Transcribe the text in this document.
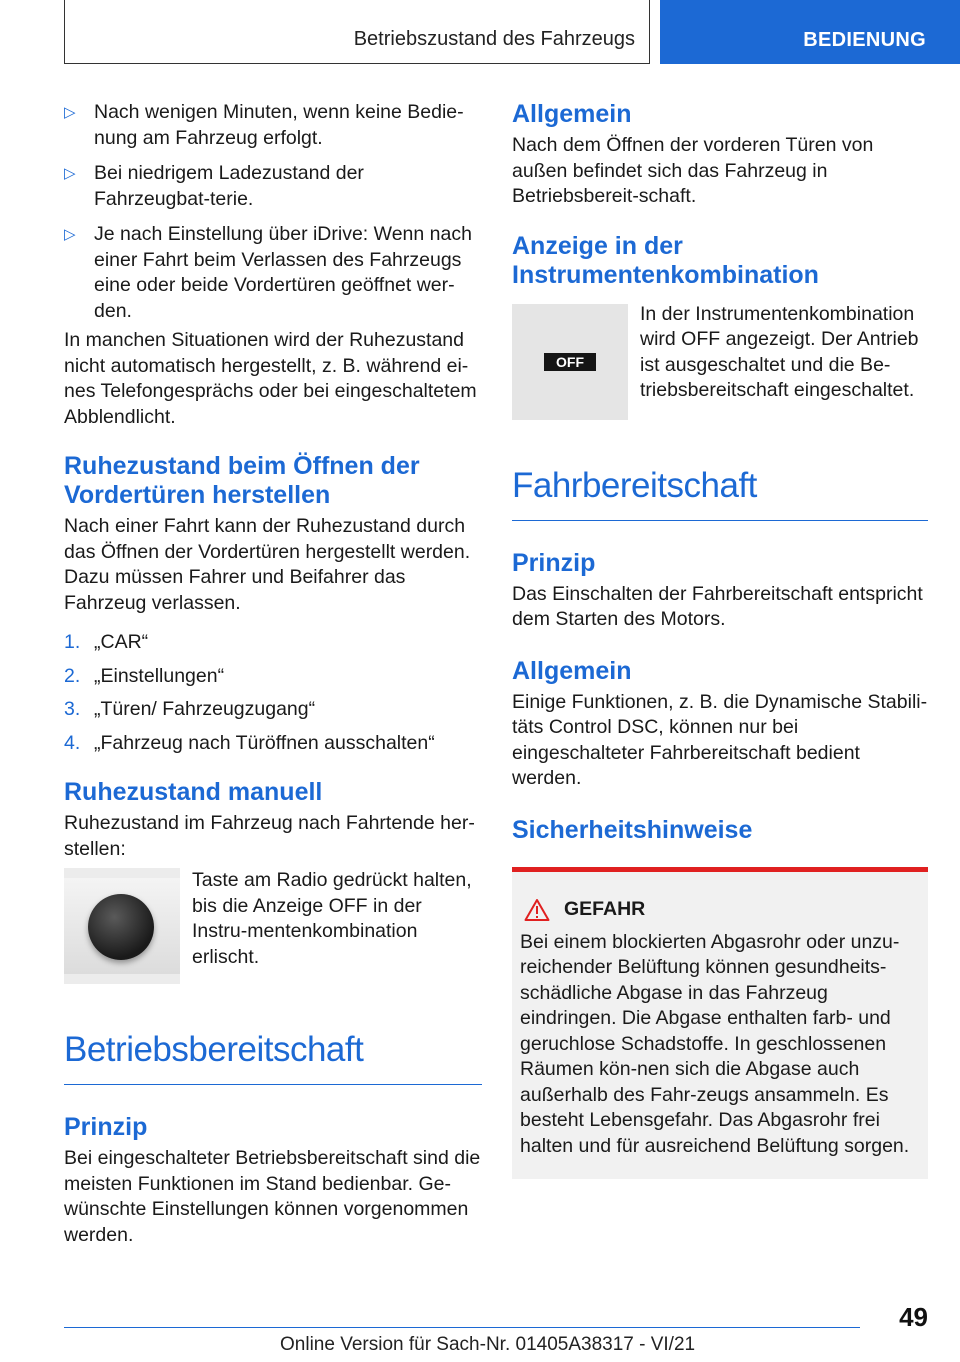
Betriebszustand des Fahrzeugs	BEDIENUNG
▷ Nach wenigen Minuten, wenn keine Bedie-nung am Fahrzeug erfolgt.
▷ Bei niedrigem Ladezustand der Fahrzeugbat-terie.
▷ Je nach Einstellung über iDrive: Wenn nach einer Fahrt beim Verlassen des Fahrzeugs eine oder beide Vordertüren geöffnet wer-den.
In manchen Situationen wird der Ruhezustand nicht automatisch hergestellt, z. B. während ei-nes Telefongesprächs oder bei eingeschaltetem Abblendlicht.
Ruhezustand beim Öffnen der Vordertüren herstellen
Nach einer Fahrt kann der Ruhezustand durch das Öffnen der Vordertüren hergestellt werden. Dazu müssen Fahrer und Beifahrer das Fahrzeug verlassen.
1. „CAR“
2. „Einstellungen“
3. „Türen/ Fahrzeugzugang“
4. „Fahrzeug nach Türöffnen ausschalten“
Ruhezustand manuell
Ruhezustand im Fahrzeug nach Fahrtende her-stellen:
Taste am Radio gedrückt halten, bis die Anzeige OFF in der Instru-mentenkombination erlischt.
Betriebsbereitschaft
Prinzip
Bei eingeschalteter Betriebsbereitschaft sind die meisten Funktionen im Stand bedienbar. Ge-wünschte Einstellungen können vorgenommen werden.
Allgemein
Nach dem Öffnen der vorderen Türen von außen befindet sich das Fahrzeug in Betriebsbereit-schaft.
Anzeige in der Instrumentenkombination
OFF
In der Instrumentenkombination wird OFF angezeigt. Der Antrieb ist ausgeschaltet und die Be-triebsbereitschaft eingeschaltet.
Fahrbereitschaft
Prinzip
Das Einschalten der Fahrbereitschaft entspricht dem Starten des Motors.
Allgemein
Einige Funktionen, z. B. die Dynamische Stabili-täts Control DSC, können nur bei eingeschalteter Fahrbereitschaft bedient werden.
Sicherheitshinweise
GEFAHR
Bei einem blockierten Abgasrohr oder unzu-reichender Belüftung können gesundheits-schädliche Abgase in das Fahrzeug eindringen. Die Abgase enthalten farb- und geruchlose Schadstoffe. In geschlossenen Räumen kön-nen sich die Abgase auch außerhalb des Fahr-zeugs ansammeln. Es besteht Lebensgefahr. Das Abgasrohr frei halten und für ausreichend Belüftung sorgen.
49
Online Version für Sach-Nr. 01405A38317 - VI/21
